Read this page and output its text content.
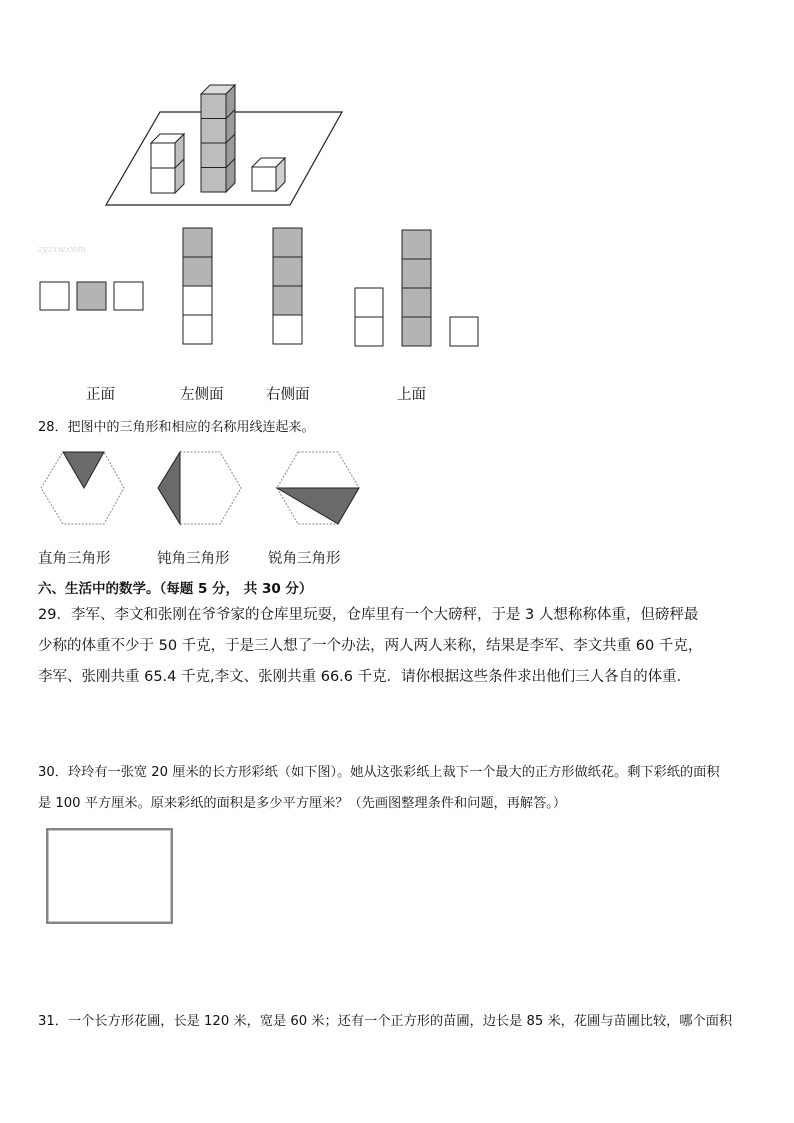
zyzxw.com
正面	左侧面	右侧面	上面
28．把图中的三角形和相应的名称用线连起来。
直角三角形	钝角三角形	锐角三角形
六、生活中的数学。（每题 5 分， 共 30 分）
29．李军、李文和张刚在爷爷家的仓库里玩耍，仓库里有一个大磅秤，于是 3 人想称称体重，但磅秤最
少称的体重不少于 50 千克，于是三人想了一个办法，两人两人来称，结果是李军、李文共重 60 千克，
李军、张刚共重 65.4 千克,李文、张刚共重 66.6 千克．请你根据这些条件求出他们三人各自的体重．
30．玲玲有一张宽 20 厘米的长方形彩纸（如下图）。她从这张彩纸上裁下一个最大的正方形做纸花。剩下彩纸的面积
是 100 平方厘米。原来彩纸的面积是多少平方厘米？（先画图整理条件和问题，再解答。）
31．一个长方形花圃，长是 120 米，宽是 60 米；还有一个正方形的苗圃，边长是 85 米，花圃与苗圃比较，哪个面积
